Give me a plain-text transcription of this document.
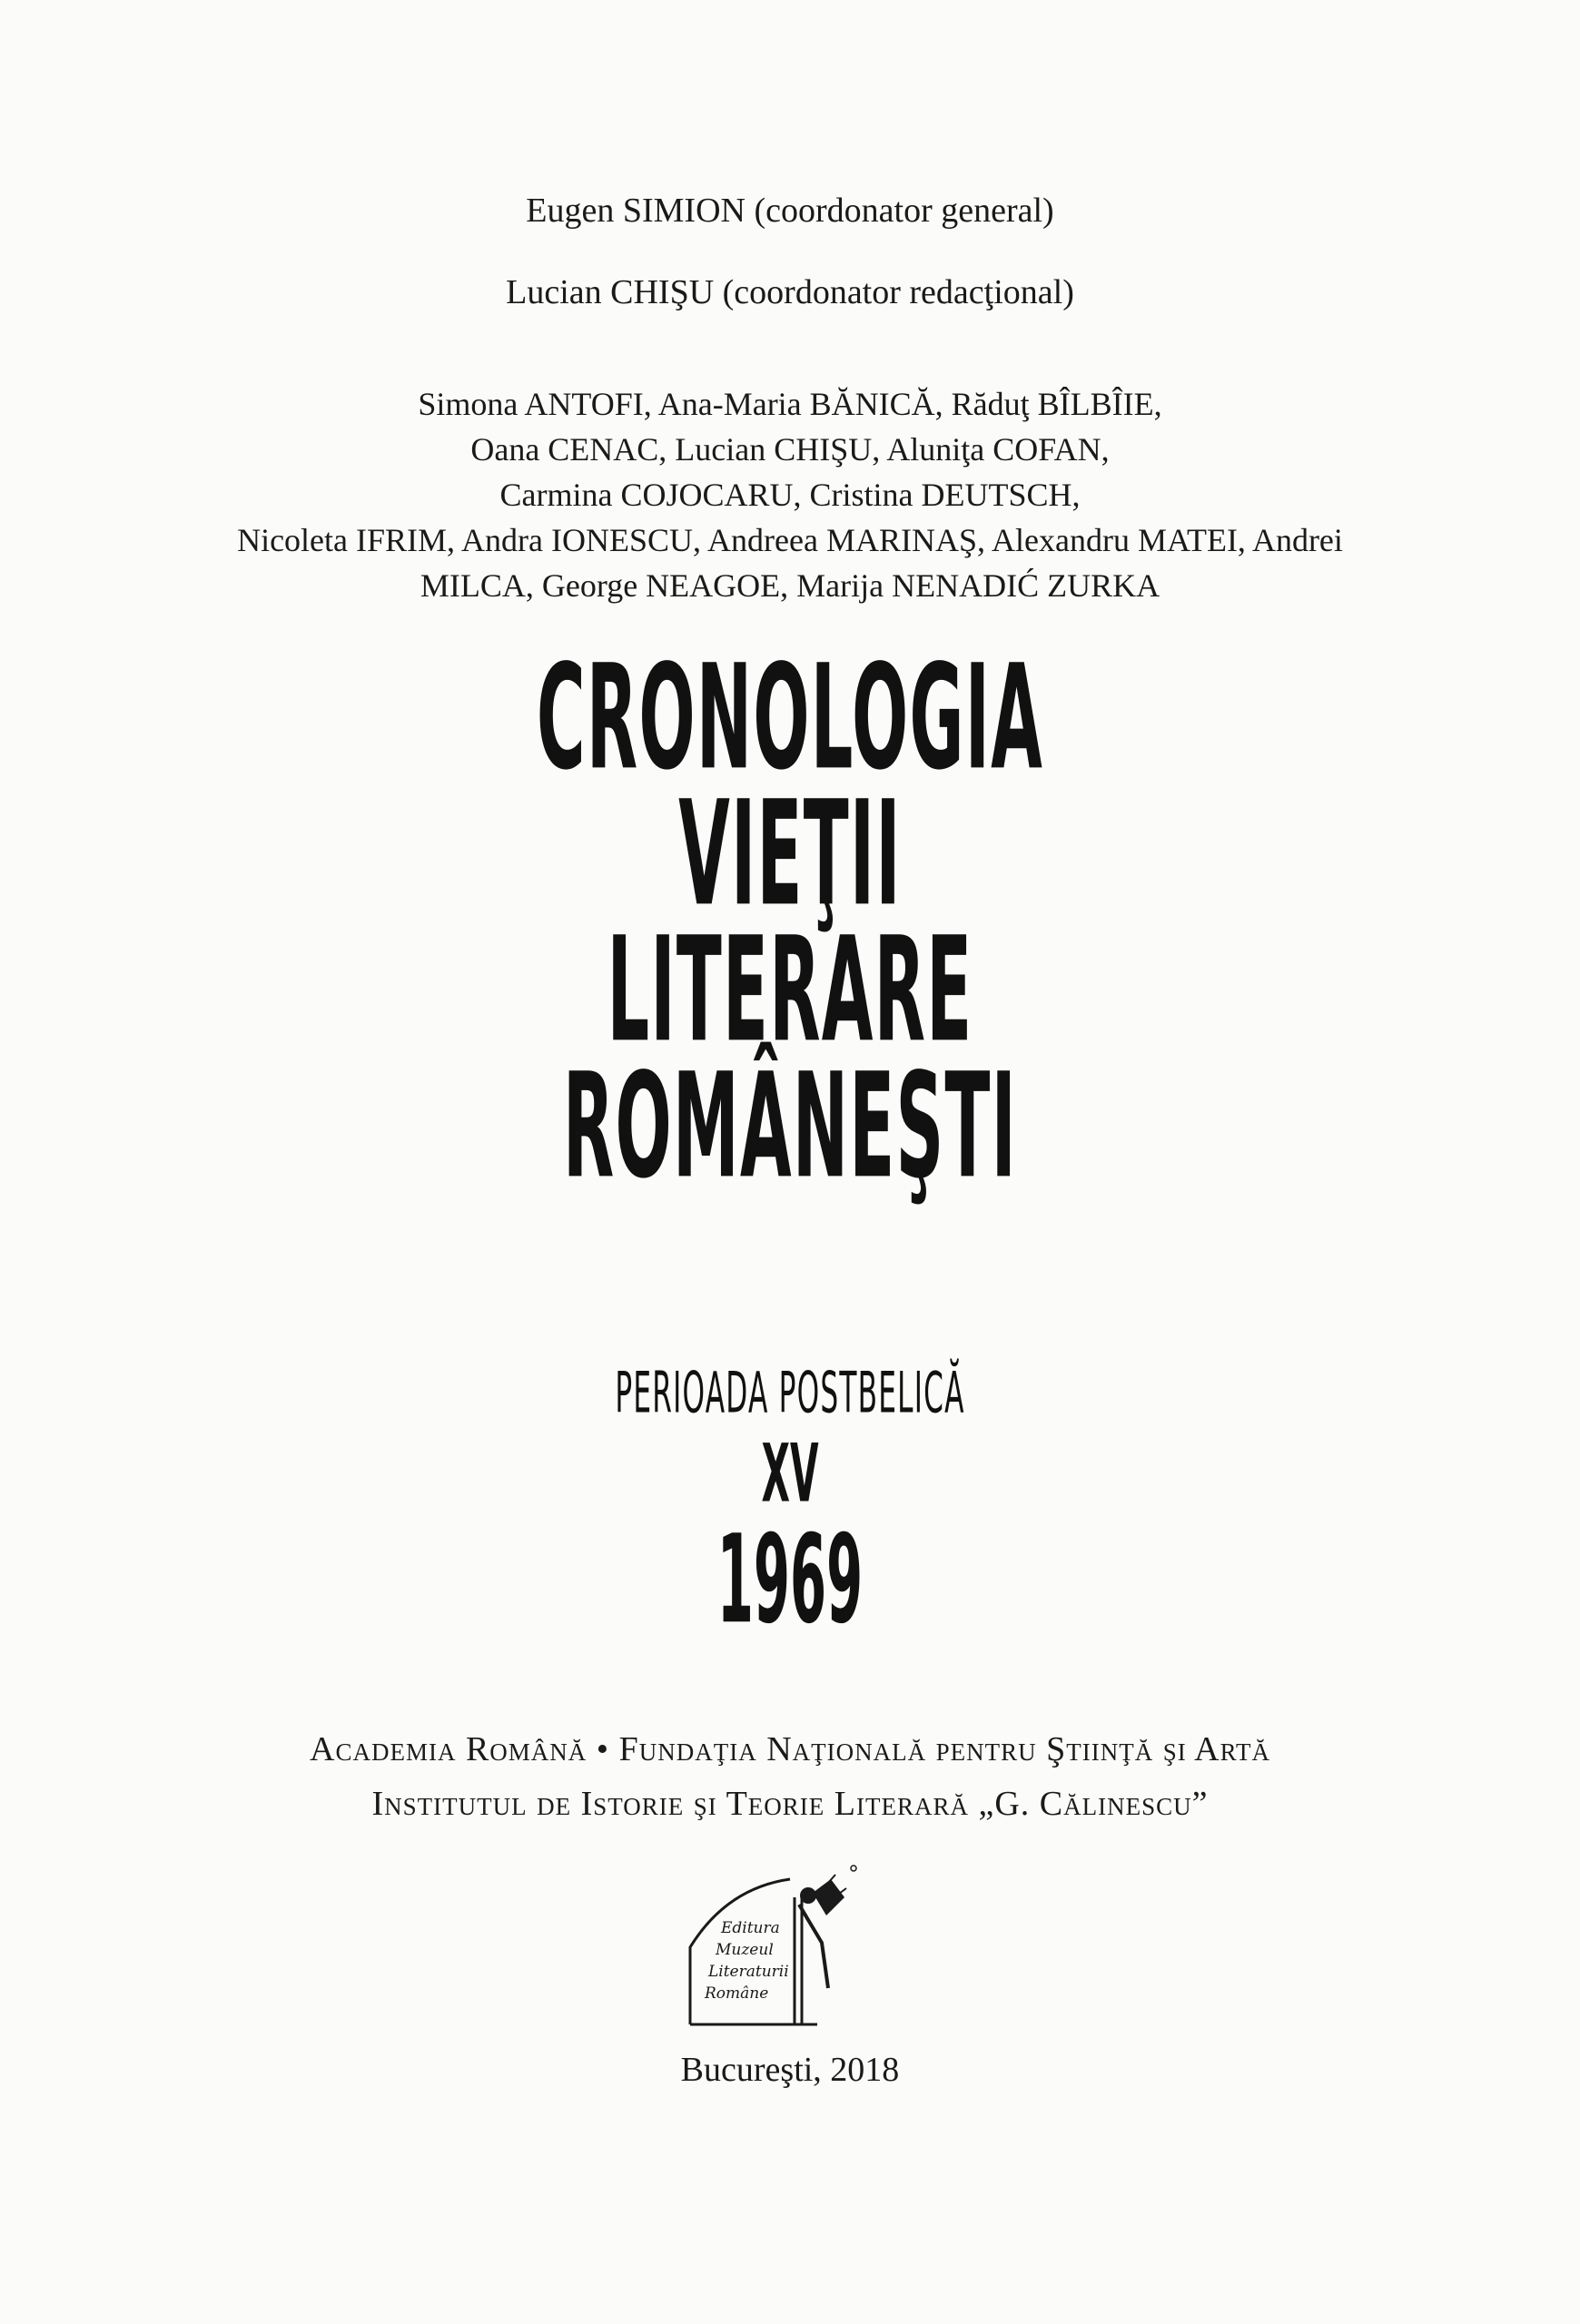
Eugen SIMION (coordonator general)
Lucian CHIŞU (coordonator redacţional)
Simona ANTOFI, Ana-Maria BĂNICĂ, Răduţ BÎLBÎIE,
Oana CENAC, Lucian CHIŞU, Aluniţa COFAN,
Carmina COJOCARU, Cristina DEUTSCH,
Nicoleta IFRIM, Andra IONESCU, Andreea MARINAŞ, Alexandru MATEI, Andrei
MILCA, George NEAGOE, Marija NENADIĆ ZURKA
CRONOLOGIA
VIEŢII
LITERARE
ROMÂNEŞTI
PERIOADA POSTBELICĂ
XV
1969
Academia Română • Fundaţia Naţională pentru Ştiinţă şi Artă
Institutul de Istorie şi Teorie Literară „G. Călinescu”
Editura
Muzeul
Literaturii
Române
Bucureşti, 2018
